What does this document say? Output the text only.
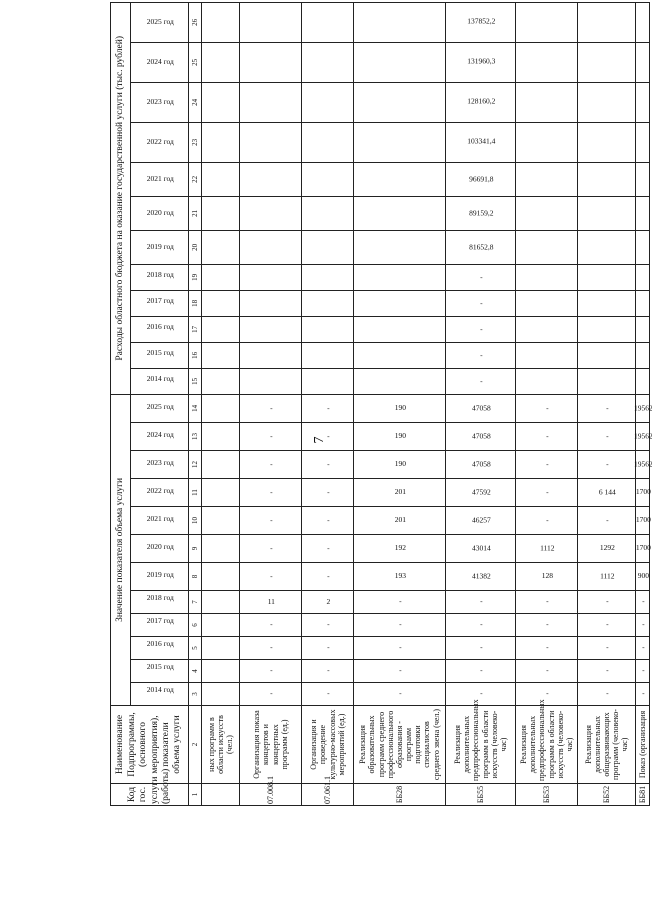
7
Код гос. услуги (работы)	Наименование Подпрограммы, (основного мероприятия), показатели объема услуги	Значение показателя объема услуги												Расходы областного бюджета на оказание государственной услуги (тыс. рублей)											
		2014 год	2015 год	2016 год	2017 год	2018 год	2019 год	2020 год	2021 год	2022 год	2023 год	2024 год	2025 год	2014 год	2015 год	2016 год	2017 год	2018 год	2019 год	2020 год	2021 год	2022 год	2023 год	2024 год	2025 год
1	2	3	4	5	6	7	8	9	10	11	12	13	14	15	16	17	18	19	20	21	22	23	24	25	26
	ных программ в области искусств (чел.)																								
07.008.1	Организация показа концертов и концертных программ (ед.)	-	-	-	-	11	-	-	-	-	-	-	-												
07.061.1	Организация и проведение культурно-массовых мероприятий (ед.)	-	-	-	-	2	-	-	-	-	-	-	-												
ББ28	Реализация образовательных программ среднего профессионального образования - программ подготовки специалистов среднего звена (чел.)	-	-	-	-	-	193	192	201	201	190	190	190												
ББ55	Реализация дополнительных предпрофессиональных программ в области искусств (человеко-час)	-	-	-	-	-	41382	43014	46257	47592	47058	47058	47058	-	-	-	-	-	81652,8	89159,2	96691,8	103341,4	128160,2	131960,3	137852,2
ББ53	Реализация дополнительных предпрофессиональных программ в области искусств (человеко-час)	-	-	-	-	-	128	1112	-	-	-	-	-												
ББ52	Реализация дополнительных общеразвивающих программ (человеко-час)	-	-	-	-	-	1112	1292	-	6 144	-	-	-												
ББ81	Показ (организация	-	-	-	-	-	900	1700	1700	1700	19562	19562	19562												
